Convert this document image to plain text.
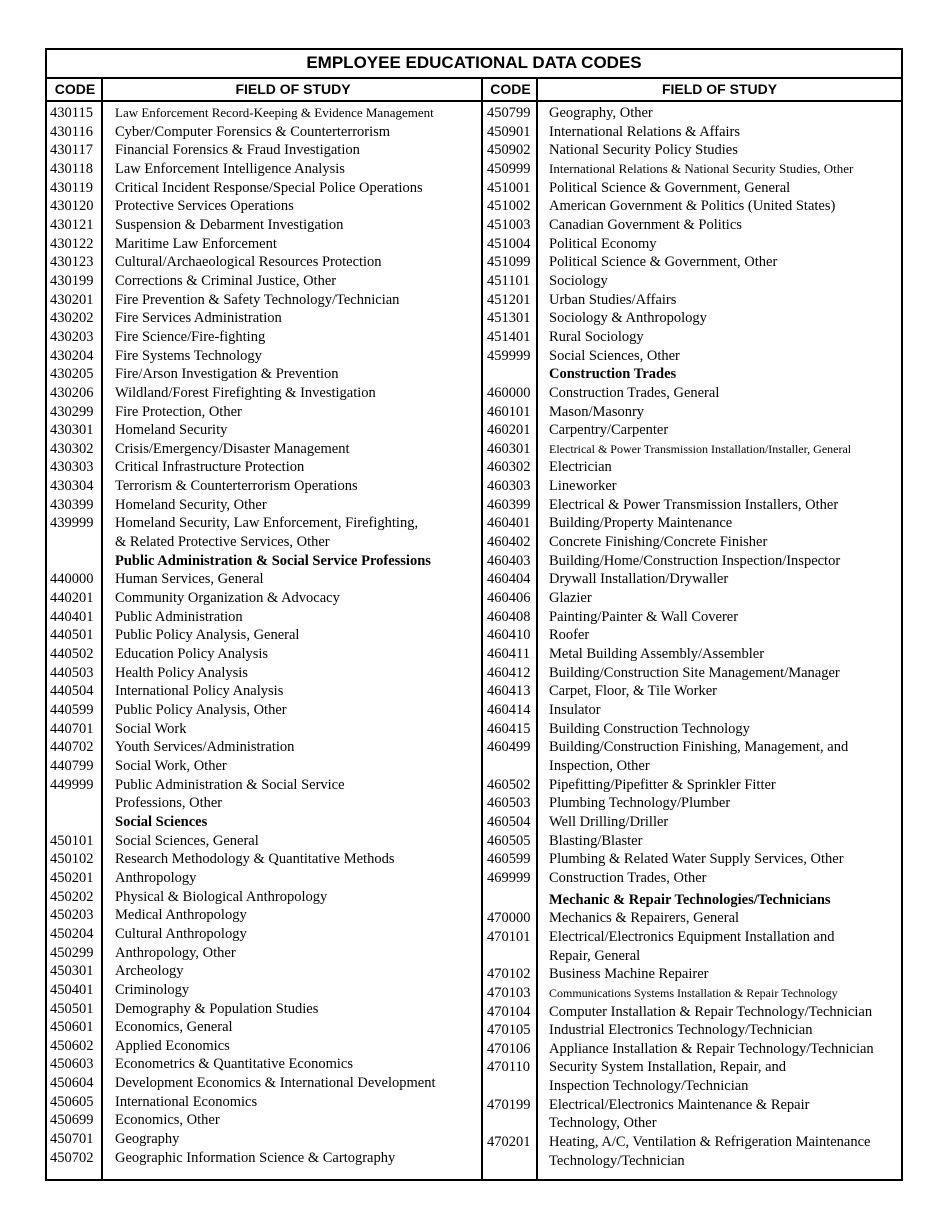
EMPLOYEE EDUCATIONAL DATA CODES
CODE	FIELD OF STUDY	CODE	FIELD OF STUDY
430115	Law Enforcement Record-Keeping & Evidence Management
430116	Cyber/Computer Forensics & Counterterrorism
430117	Financial Forensics & Fraud Investigation
430118	Law Enforcement Intelligence Analysis
430119	Critical Incident Response/Special Police Operations
430120	Protective Services Operations
430121	Suspension & Debarment Investigation
430122	Maritime Law Enforcement
430123	Cultural/Archaeological Resources Protection
430199	Corrections & Criminal Justice, Other
430201	Fire Prevention & Safety Technology/Technician
430202	Fire Services Administration
430203	Fire Science/Fire-fighting
430204	Fire Systems Technology
430205	Fire/Arson Investigation & Prevention
430206	Wildland/Forest Firefighting & Investigation
430299	Fire Protection, Other
430301	Homeland Security
430302	Crisis/Emergency/Disaster Management
430303	Critical Infrastructure Protection
430304	Terrorism & Counterterrorism Operations
430399	Homeland Security, Other
439999	Homeland Security, Law Enforcement, Firefighting,
& Related Protective Services, Other
Public Administration & Social Service Professions
440000	Human Services, General
440201	Community Organization & Advocacy
440401	Public Administration
440501	Public Policy Analysis, General
440502	Education Policy Analysis
440503	Health Policy Analysis
440504	International Policy Analysis
440599	Public Policy Analysis, Other
440701	Social Work
440702	Youth Services/Administration
440799	Social Work, Other
449999	Public Administration & Social Service
Professions, Other
Social Sciences
450101	Social Sciences, General
450102	Research Methodology & Quantitative Methods
450201	Anthropology
450202	Physical & Biological Anthropology
450203	Medical Anthropology
450204	Cultural Anthropology
450299	Anthropology, Other
450301	Archeology
450401	Criminology
450501	Demography & Population Studies
450601	Economics, General
450602	Applied Economics
450603	Econometrics & Quantitative Economics
450604	Development Economics & International Development
450605	International Economics
450699	Economics, Other
450701	Geography
450702	Geographic Information Science & Cartography
450799	Geography, Other
450901	International Relations & Affairs
450902	National Security Policy Studies
450999	International Relations & National Security Studies, Other
451001	Political Science & Government, General
451002	American Government & Politics (United States)
451003	Canadian Government & Politics
451004	Political Economy
451099	Political Science & Government, Other
451101	Sociology
451201	Urban Studies/Affairs
451301	Sociology & Anthropology
451401	Rural Sociology
459999	Social Sciences, Other
Construction Trades
460000	Construction Trades, General
460101	Mason/Masonry
460201	Carpentry/Carpenter
460301	Electrical & Power Transmission Installation/Installer, General
460302	Electrician
460303	Lineworker
460399	Electrical & Power Transmission Installers, Other
460401	Building/Property Maintenance
460402	Concrete Finishing/Concrete Finisher
460403	Building/Home/Construction Inspection/Inspector
460404	Drywall Installation/Drywaller
460406	Glazier
460408	Painting/Painter & Wall Coverer
460410	Roofer
460411	Metal Building Assembly/Assembler
460412	Building/Construction Site Management/Manager
460413	Carpet, Floor, & Tile Worker
460414	Insulator
460415	Building Construction Technology
460499	Building/Construction Finishing, Management, and
Inspection, Other
460502	Pipefitting/Pipefitter & Sprinkler Fitter
460503	Plumbing Technology/Plumber
460504	Well Drilling/Driller
460505	Blasting/Blaster
460599	Plumbing & Related Water Supply Services, Other
469999	Construction Trades, Other
Mechanic & Repair Technologies/Technicians
470000	Mechanics & Repairers, General
470101	Electrical/Electronics Equipment Installation and
Repair, General
470102	Business Machine Repairer
470103	Communications Systems Installation & Repair Technology
470104	Computer Installation & Repair Technology/Technician
470105	Industrial Electronics Technology/Technician
470106	Appliance Installation & Repair Technology/Technician
470110	Security System Installation, Repair, and
Inspection Technology/Technician
470199	Electrical/Electronics Maintenance & Repair
Technology, Other
470201	Heating, A/C, Ventilation & Refrigeration Maintenance
Technology/Technician
